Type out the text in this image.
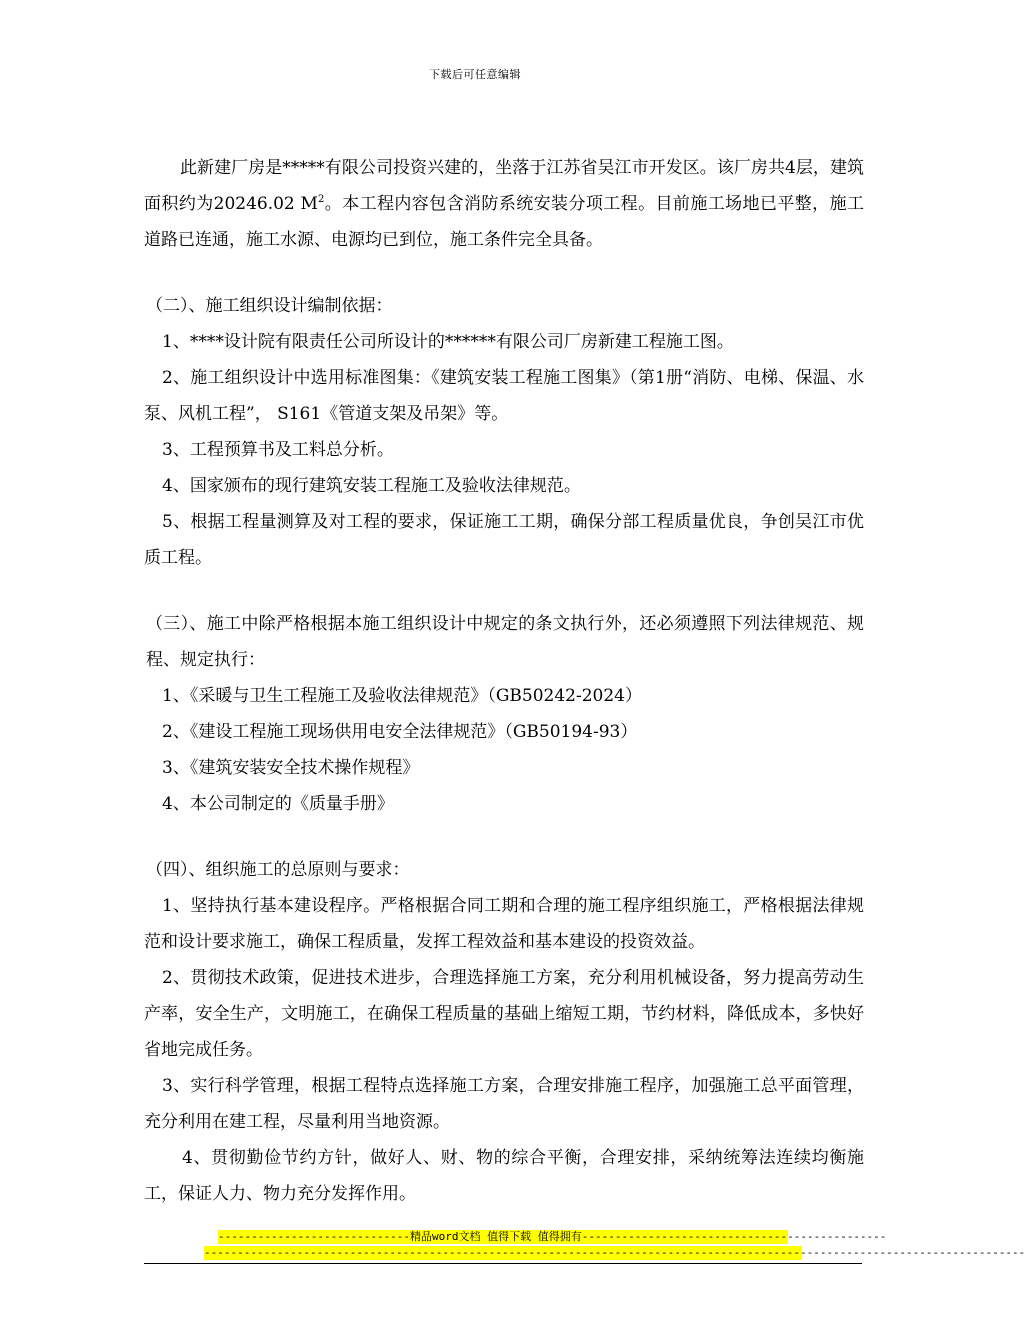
下载后可任意编辑

此新建厂房是*****有限公司投资兴建的，坐落于江苏省吴江市开发区。该厂房共4层，建筑面积约为20246.02 $M^2$。本工程内容包含消防系统安装分项工程。目前施工场地已平整，施工道路已连通，施工水源、电源均已到位，施工条件完全具备。

（二）、施工组织设计编制依据：

1、****设计院有限责任公司所设计的******有限公司厂房新建工程施工图。

2、施工组织设计中选用标准图集：《建筑安装工程施工图集》（第1册“消防、电梯、保温、水泵、风机工程”， S161《管道支架及吊架》等。

3、工程预算书及工料总分析。

4、国家颁布的现行建筑安装工程施工及验收法律规范。

5、根据工程量测算及对工程的要求，保证施工工期，确保分部工程质量优良，争创吴江市优质工程。

（三）、施工中除严格根据本施工组织设计中规定的条文执行外，还必须遵照下列法律规范、规程、规定执行：

1、《采暖与卫生工程施工及验收法律规范》（GB50242-2024）

2、《建设工程施工现场供用电安全法律规范》（GB50194-93）

3、《建筑安装安全技术操作规程》

4、本公司制定的《质量手册》

（四）、组织施工的总原则与要求：

1、坚持执行基本建设程序。严格根据合同工期和合理的施工程序组织施工，严格根据法律规范和设计要求施工，确保工程质量，发挥工程效益和基本建设的投资效益。

2、贯彻技术政策，促进技术进步，合理选择施工方案，充分利用机械设备，努力提高劳动生产率，安全生产，文明施工，在确保工程质量的基础上缩短工期，节约材料，降低成本，多快好省地完成任务。

3、实行科学管理，根据工程特点选择施工方案，合理安排施工程序，加强施工总平面管理，充分利用在建工程，尽量利用当地资源。

4、贯彻勤俭节约方针，做好人、财、物的综合平衡，合理安排，采纳统筹法连续均衡施工，保证人力、物力充分发挥作用。

-----------------------------精品word文档 值得下载 值得拥有----------------------------------------------
----------------------------------------------------------------------------------------------------------------------------
